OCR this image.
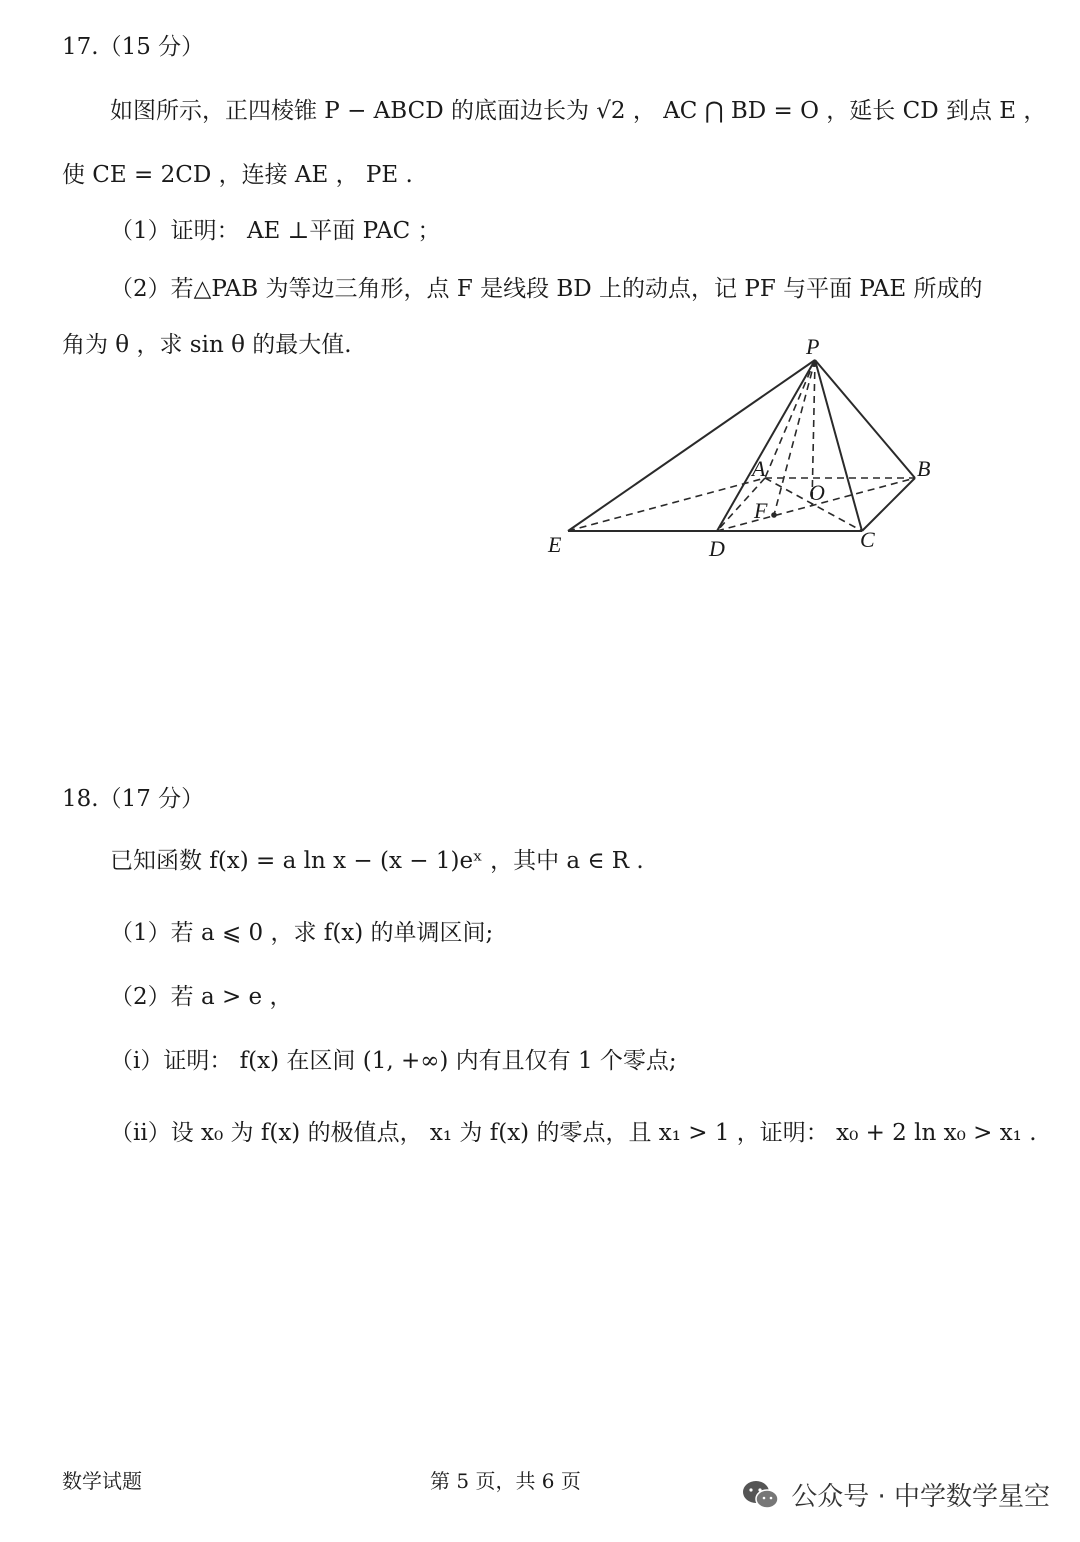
17.（15 分）
如图所示，正四棱锥 P − ABCD 的底面边长为 √2 ， AC ⋂ BD = O ，延长 CD 到点 E ，
使 CE = 2CD ，连接 AE ， PE .
（1）证明： AE ⊥平面 PAC ；
（2）若△PAB 为等边三角形，点 F 是线段 BD 上的动点，记 PF 与平面 PAE 所成的
角为 θ ，求 sin θ 的最大值.	P
A	B
C
D
E
F
O
18.（17 分）
已知函数 f(x) = a ln x − (x − 1)eˣ ，其中 a ∈ R .
（1）若 a ⩽ 0 ，求 f(x) 的单调区间;
（2）若 a > e ，
（i）证明： f(x) 在区间 (1, +∞) 内有且仅有 1 个零点;
（ii）设 x₀ 为 f(x) 的极值点， x₁ 为 f(x) 的零点，且 x₁ > 1 ，证明： x₀ + 2 ln x₀ > x₁ .
数学试题	第 5 页，共 6 页
公众号 · 中学数学星空
